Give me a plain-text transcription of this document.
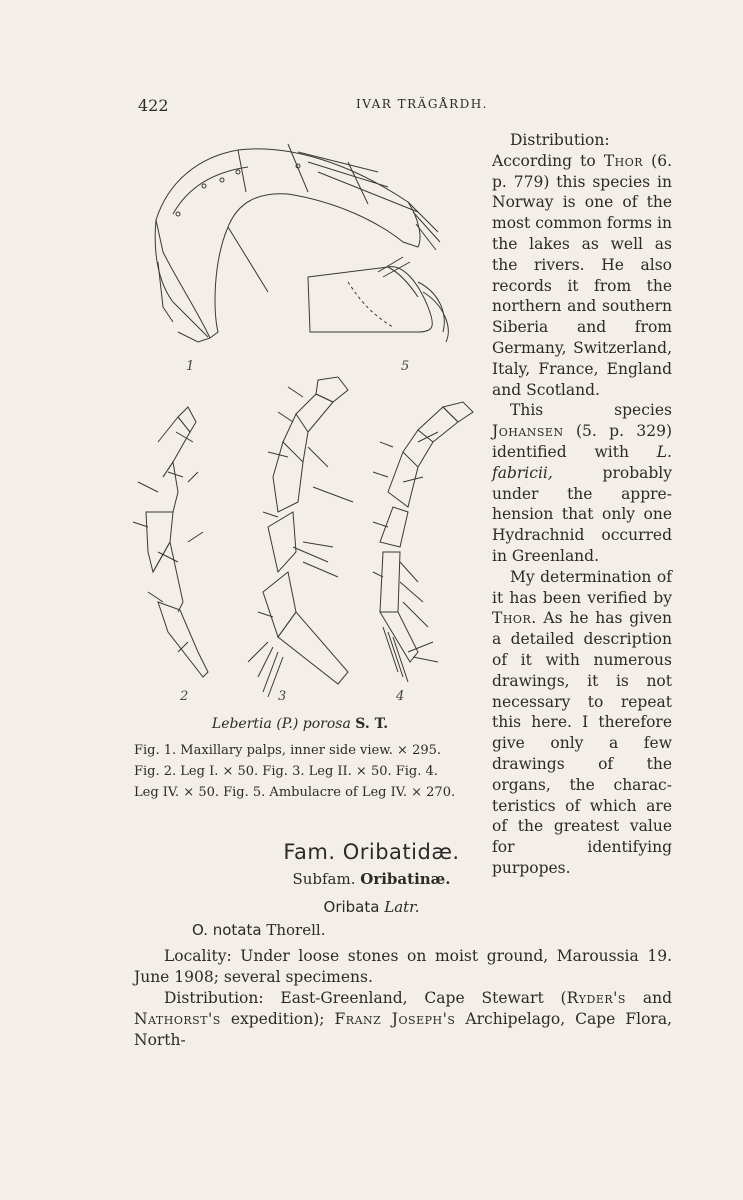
422	IVAR TRÄGÅRDH.
1	5
2	3	4
Lebertia (P.) porosa S. T.
Fig. 1. Maxillary palps, inner side view. × 295.
Fig. 2. Leg I. × 50. Fig. 3. Leg II. × 50. Fig. 4.
Leg IV. × 50. Fig. 5. Ambulacre of Leg IV. × 270.

Distribution: According to Thor (6. p. 779) this species in Norway is one of the most common forms in the lakes as well as the rivers. He also records it from the northern and southern Siberia and from Germany, Switzerland, Italy, France, England and Scotland.

This species Johansen (5. p. 329) identified with L. fabricii, probably under the apprehension that only one Hydrachnid occurred in Greenland.

My determination of it has been verified by Thor. As he has given a detailed description of it with numerous drawings, it is not necessary to repeat this here. I therefore give only a few drawings of the organs, the characteristics of which are of the greatest value for identifying purpopes.

Fam. Oribatidæ.
Subfam. Oribatinæ.
Oribata Latr.
O. notata Thorell.

Locality: Under loose stones on moist ground, Maroussia 19. June 1908; several specimens.

Distribution: East-Greenland, Cape Stewart (Ryder's and Nathorst's expedition); Franz Joseph's Archipelago, Cape Flora, North-
